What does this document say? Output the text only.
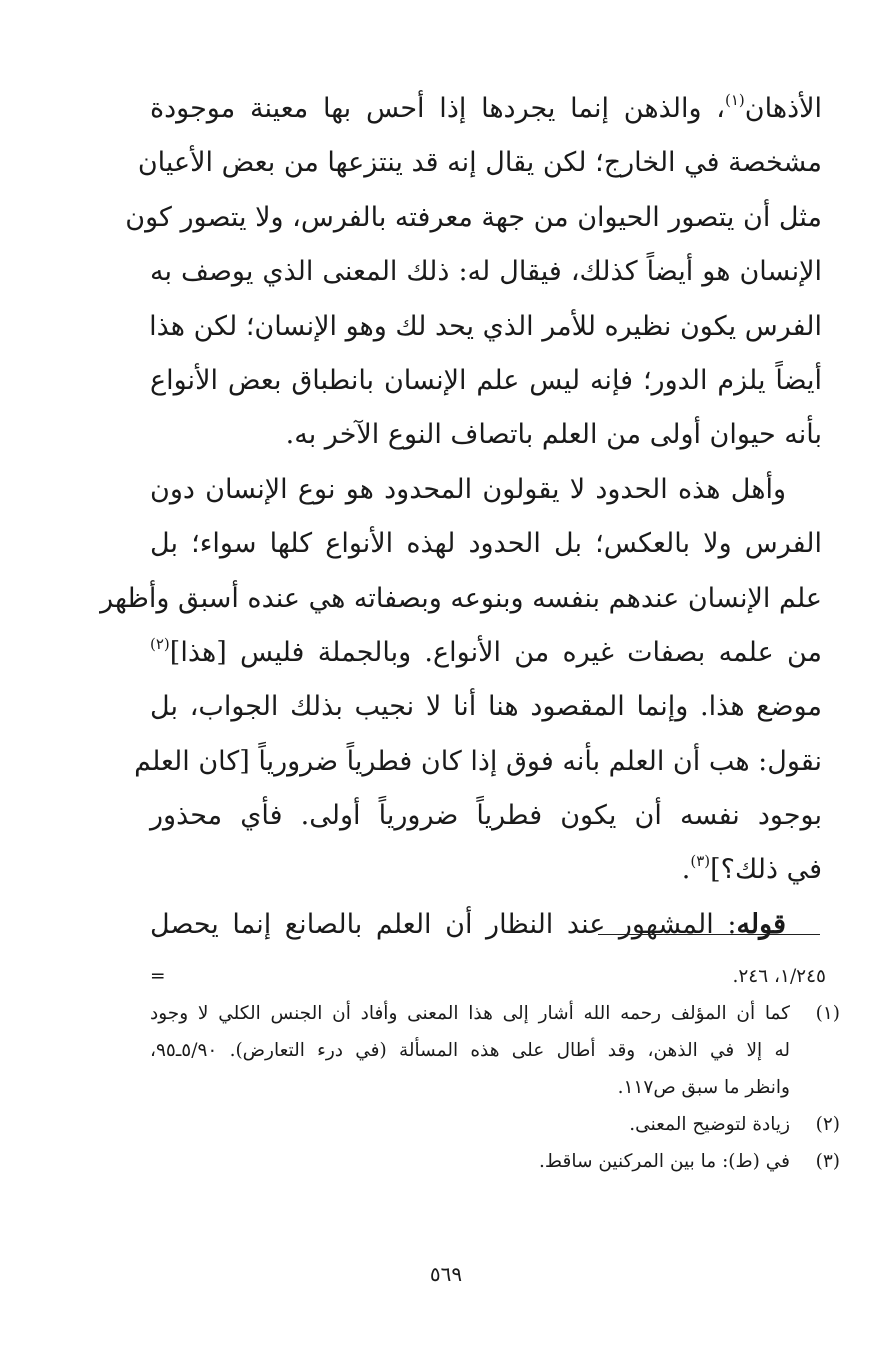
الأذهان$^{(١)}$، والذهن إنما يجردها إذا أحس بها معينة موجودة
مشخصة في الخارج؛ لكن يقال إنه قد ينتزعها من بعض الأعيان
مثل أن يتصور الحيوان من جهة معرفته بالفرس، ولا يتصور كون
الإنسان هو أيضاً كذلك، فيقال له: ذلك المعنى الذي يوصف به
الفرس يكون نظيره للأمر الذي يحد لك وهو الإنسان؛ لكن هذا
أيضاً يلزم الدور؛ فإنه ليس علم الإنسان بانطباق بعض الأنواع
بأنه حيوان أولى من العلم باتصاف النوع الآخر به.
وأهل هذه الحدود لا يقولون المحدود هو نوع الإنسان دون
الفرس ولا بالعكس؛ بل الحدود لهذه الأنواع كلها سواء؛ بل
علم الإنسان عندهم بنفسه وبنوعه وبصفاته هي عنده أسبق وأظهر
من علمه بصفات غيره من الأنواع. وبالجملة فليس [هذا]$^{(٢)}$
موضع هذا. وإنما المقصود هنا أنا لا نجيب بذلك الجواب، بل
نقول: هب أن العلم بأنه فوق إذا كان فطرياً ضرورياً [كان العلم
بوجود نفسه أن يكون فطرياً ضرورياً أولى. فأي محذور
في ذلك؟]$^{(٣)}$.
قوله: المشهور عند النظار أن العلم بالصانع إنما يحصل
١/٢٤٥، ٢٤٦.
=
(١)
كما أن المؤلف رحمه الله أشار إلى هذا المعنى وأفاد أن الجنس الكلي لا وجود
له إلا في الذهن، وقد أطال على هذه المسألة (في درء التعارض). ٥/٩٠ـ٩٥،
وانظر ما سبق ص١١٧.
(٢)
زيادة لتوضيح المعنى.
(٣)
في (ط): ما بين المركنين ساقط.
٥٦٩
